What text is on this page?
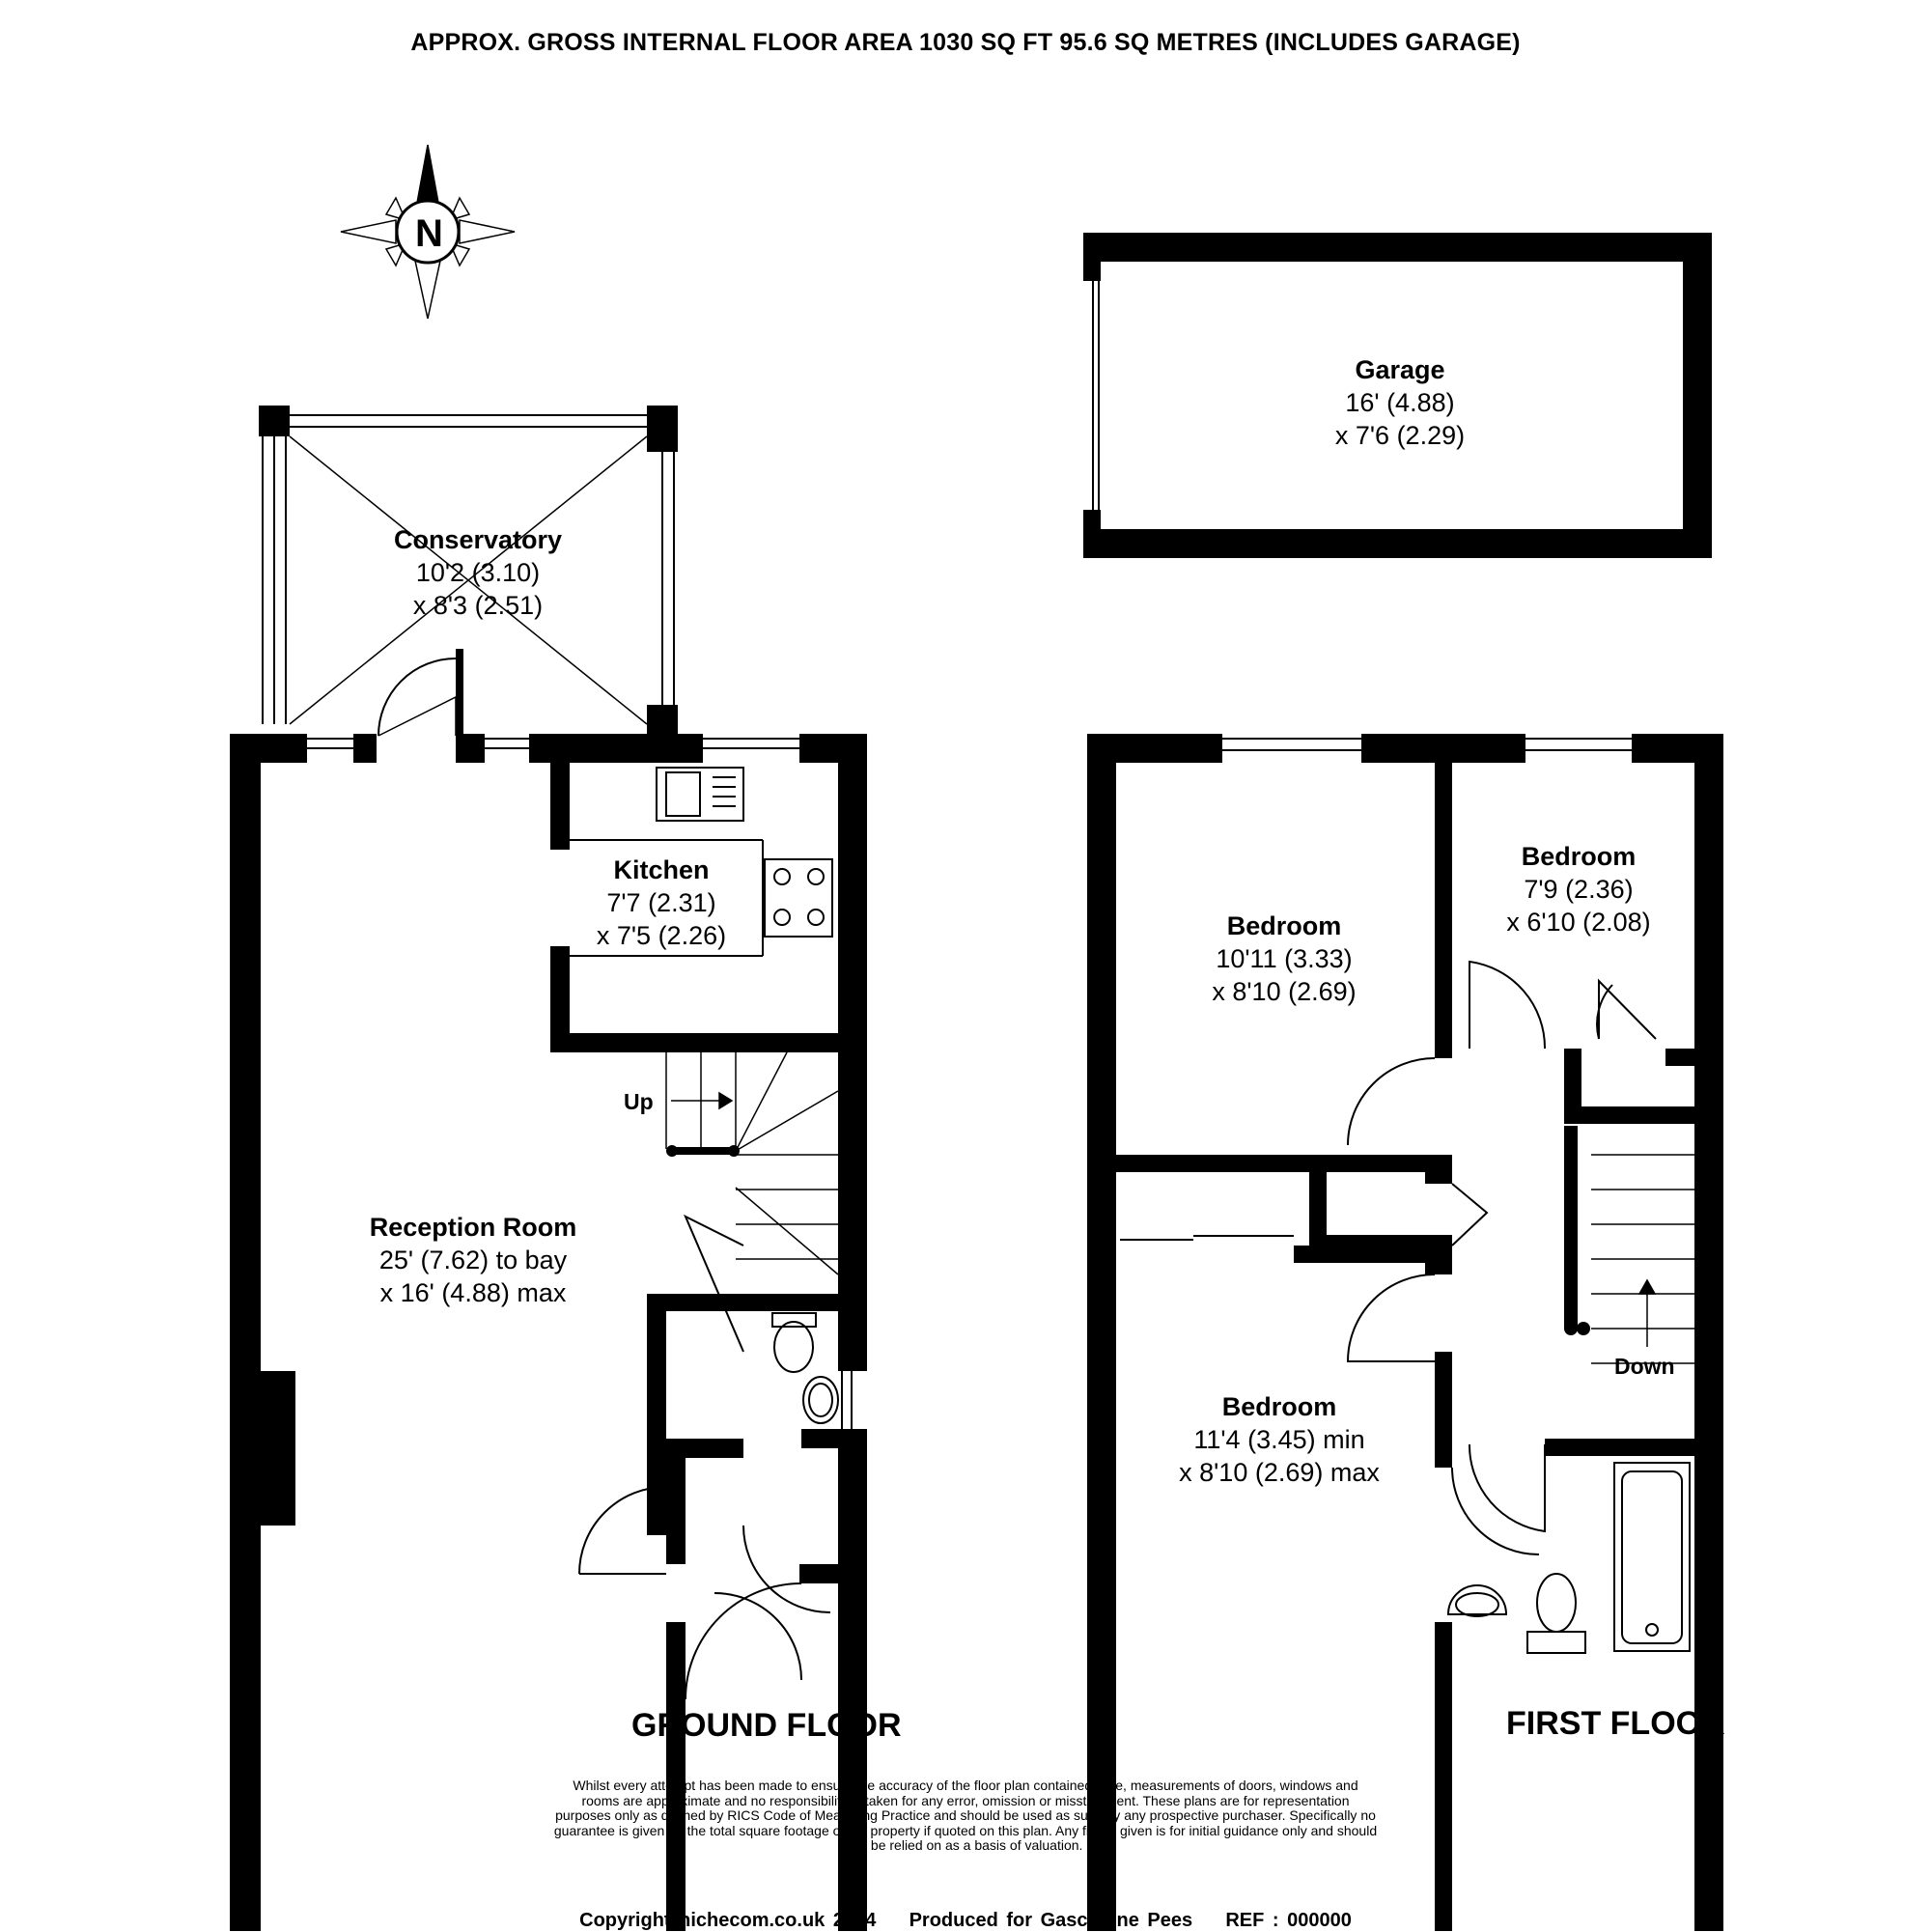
APPROX. GROSS INTERNAL FLOOR AREA 1030 SQ FT 95.6 SQ METRES (INCLUDES GARAGE)
N
Conservatory
10'2 (3.10)
x 8'3 (2.51)
Kitchen
7'7 (2.31)
x 7'5 (2.26)
Reception Room
25' (7.62) to bay
x 16' (4.88) max
Garage
16' (4.88)
x 7'6 (2.29)
Bedroom
10'11 (3.33)
x 8'10 (2.69)
Bedroom
7'9 (2.36)
x 6'10 (2.08)
Bedroom
11'4 (3.45) min
x 8'10 (2.69) max
Up
Down
GROUND FLOOR	FIRST FLOOR
Whilst every attempt has been made to ensure the accuracy of the floor plan contained here, measurements of doors, windows and
rooms are approximate and no responsibility is taken for any error, omission or misstatement. These plans are for representation
purposes only as defined by RICS Code of Measuring Practice and should be used as such by any prospective purchaser. Specifically no
guarantee is given on the total square footage of the property if quoted on this plan. Any figure given is for initial guidance only and should
not be relied on as a basis of valuation.
Copyright nichecom.co.uk 2014 Produced for Gascoigne Pees REF : 000000
